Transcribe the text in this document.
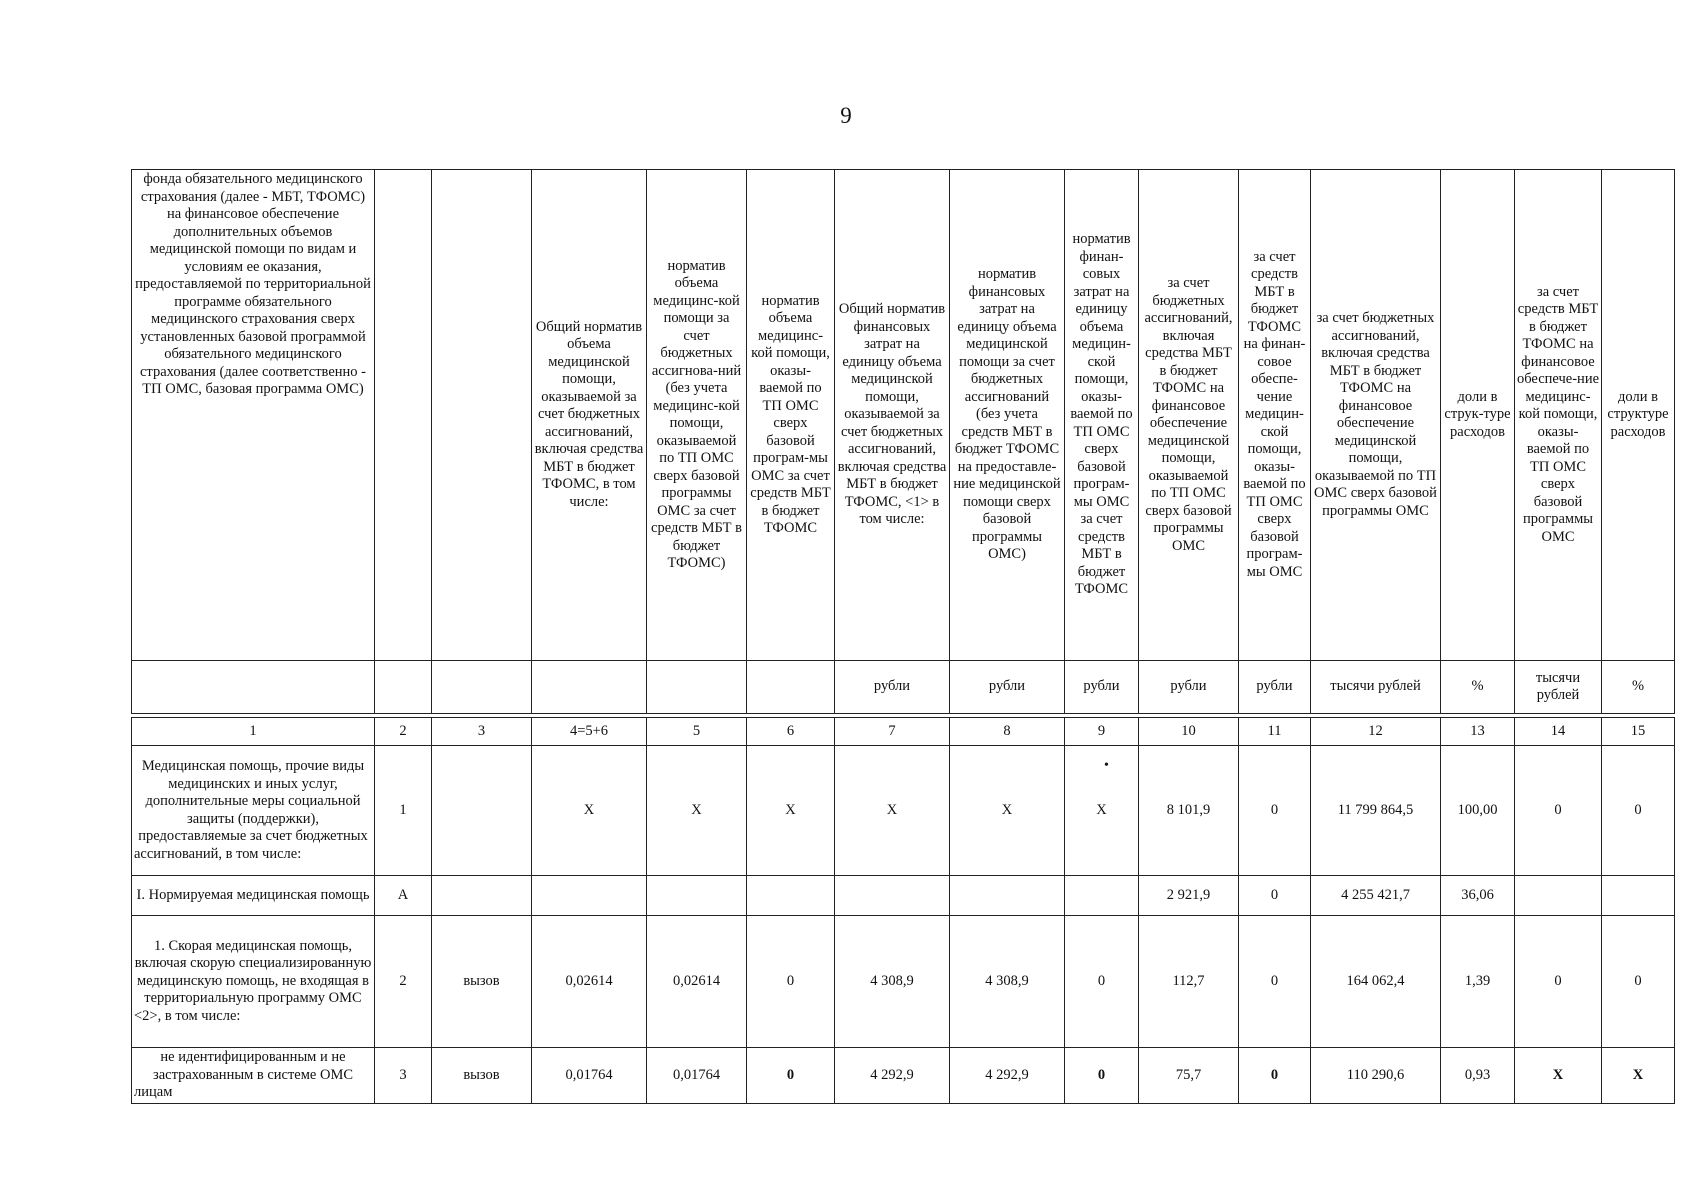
9
•
фонда обязательного медицинского страхования (далее - МБТ, ТФОМС) на финансовое обеспечение дополнительных объемов медицинской помощи по видам и условиям ее оказания, предоставляемой по территориальной программе обязательного медицинского страхования сверх установленных базовой программой обязательного медицинского страхования (далее соответственно - ТП ОМС, базовая программа ОМС)			Общий норматив объема медицинской помощи, оказываемой за счет бюджетных ассигнований, включая средства МБТ в бюджет ТФОМС, в том числе:	норматив объема медицинс-кой помощи за счет бюджетных ассигнова-ний (без учета медицинс-кой помощи, оказываемой по ТП ОМС сверх базовой программы ОМС за счет средств МБТ в бюджет ТФОМС)	норматив объема медицинс-кой помощи, оказы-ваемой по ТП ОМС сверх базовой програм-мы ОМС за счет средств МБТ в бюджет ТФОМС	Общий норматив финансовых затрат на единицу объема медицинской помощи, оказываемой за счет бюджетных ассигнований, включая средства МБТ в бюджет ТФОМС, <1> в том числе:	норматив финансовых затрат на единицу объема медицинской помощи за счет бюджетных ассигнований (без учета средств МБТ в бюджет ТФОМС на предоставле-ние медицинской помощи сверх базовой программы ОМС)	норматив финан-совых затрат на единицу объема медицин-ской помощи, оказы-ваемой по ТП ОМС сверх базовой програм-мы ОМС за счет средств МБТ в бюджет ТФОМС	за счет бюджетных ассигнований, включая средства МБТ в бюджет ТФОМС на финансовое обеспечение медицинской помощи, оказываемой по ТП ОМС сверх базовой программы ОМС	за счет средств МБТ в бюджет ТФОМС на финан-совое обеспе-чение медицин-ской помощи, оказы-ваемой по ТП ОМС сверх базовой програм-мы ОМС	за счет бюджетных ассигнований, включая средства МБТ в бюджет ТФОМС на финансовое обеспечение медицинской помощи, оказываемой по ТП ОМС сверх базовой программы ОМС	доли в струк-туре расходов	за счет средств МБТ в бюджет ТФОМС на финансовое обеспече-ние медицинс-кой помощи, оказы-ваемой по ТП ОМС сверх базовой программы ОМС	доли в структуре расходов
						рубли	рубли	рубли	рубли	рубли	тысячи рублей	%	тысячи рублей	%

1	2	3	4=5+6	5	6	7	8	9	10	11	12	13	14	15
Медицинская помощь, прочие виды медицинских и иных услуг, дополнительные меры социальной защиты (поддержки), предоставляемые за счет бюджетных ассигнований, в том числе:	1		X	X	X	X	X	X	8 101,9	0	11 799 864,5	100,00	0	0
I. Нормируемая медицинская помощь	А								2 921,9	0	4 255 421,7	36,06		
1. Скорая медицинская помощь, включая скорую специализированную медицинскую помощь, не входящая в территориальную программу ОМС <2>, в том числе:	2	вызов	0,02614	0,02614	0	4 308,9	4 308,9	0	112,7	0	164 062,4	1,39	0	0
не идентифицированным и не застрахованным в системе ОМС лицам	3	вызов	0,01764	0,01764	0	4 292,9	4 292,9	0	75,7	0	110 290,6	0,93	X	X
